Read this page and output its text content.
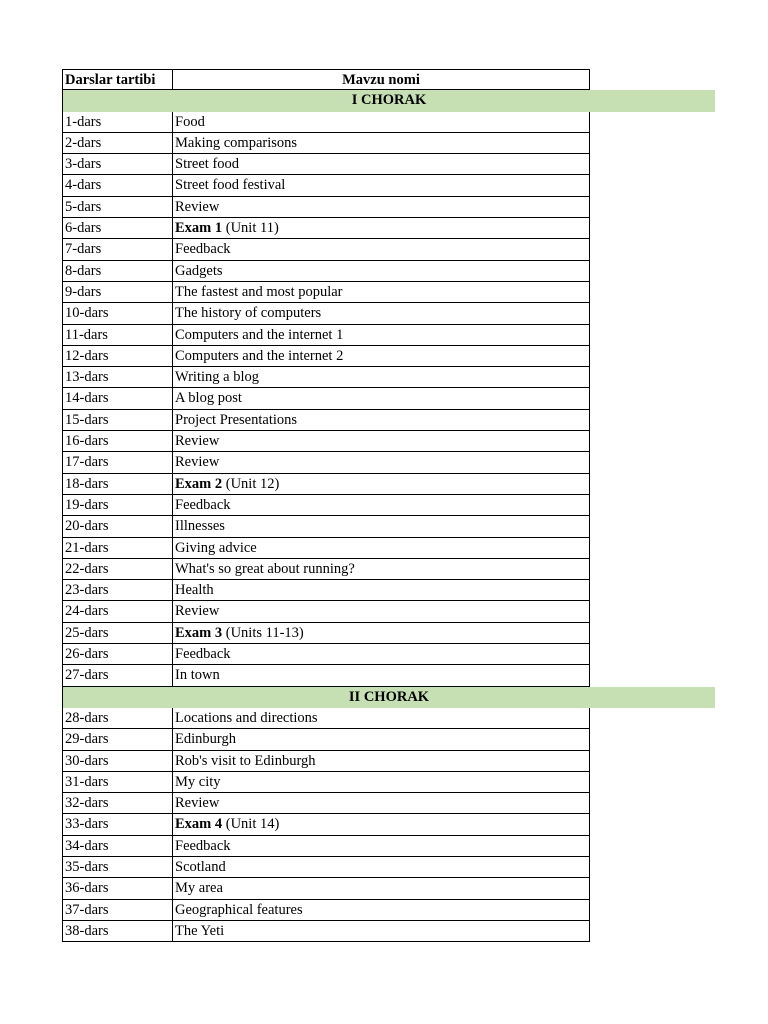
Darslar tartibi	Mavzu nomi
I CHORAK
1-dars	Food
2-dars	Making comparisons
3-dars	Street food
4-dars	Street food festival
5-dars	Review
6-dars	Exam 1 (Unit 11)
7-dars	Feedback
8-dars	Gadgets
9-dars	The fastest and most popular
10-dars	The history of computers
11-dars	Computers and the internet 1
12-dars	Computers and the internet 2
13-dars	Writing a blog
14-dars	A blog post
15-dars	Project Presentations
16-dars	Review
17-dars	Review
18-dars	Exam 2 (Unit 12)
19-dars	Feedback
20-dars	Illnesses
21-dars	Giving advice
22-dars	What's so great about running?
23-dars	Health
24-dars	Review
25-dars	Exam 3 (Units 11-13)
26-dars	Feedback
27-dars	In town
II CHORAK
28-dars	Locations and directions
29-dars	Edinburgh
30-dars	Rob's visit to Edinburgh
31-dars	My city
32-dars	Review
33-dars	Exam 4 (Unit 14)
34-dars	Feedback
35-dars	Scotland
36-dars	My area
37-dars	Geographical features
38-dars	The Yeti
